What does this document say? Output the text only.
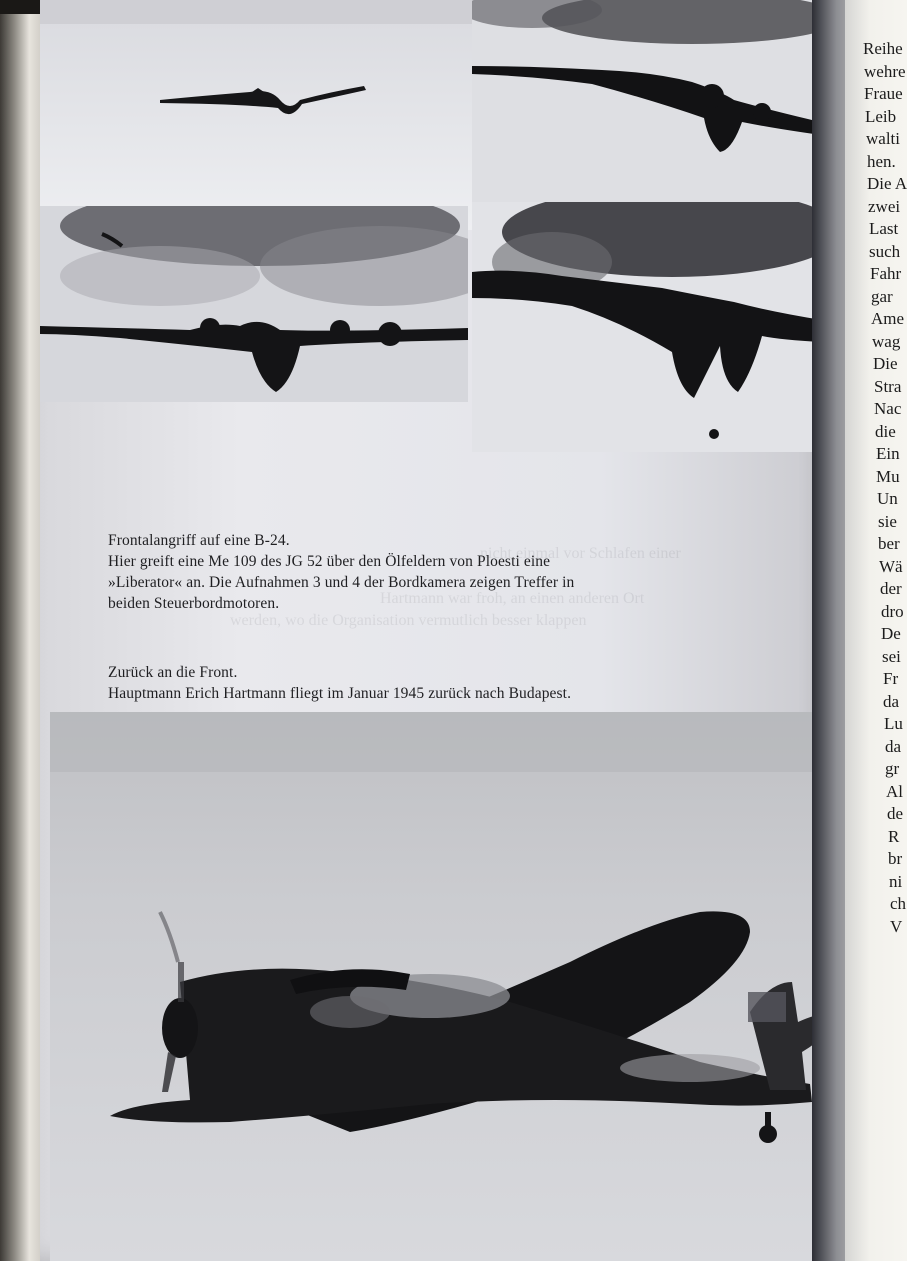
nicht einmal vor Schlafen einer
Hartmann war froh, an einen anderen Ort
werden, wo die Organisation vermutlich besser klappen
Frontalangriff auf eine B-24.
Hier greift eine Me 109 des JG 52 über den Ölfeldern von Ploesti eine
»Liberator« an. Die Aufnahmen 3 und 4 der Bordkamera zeigen Treffer in
beiden Steuerbordmotoren.
Zurück an die Front.
Hauptmann Erich Hartmann fliegt im Januar 1945 zurück nach Budapest.
Reihe
wehre
Fraue
Leib
walti
hen.
Die A
zwei
Last
such
Fahr
gar
Ame
wag
Die
Stra
Nac
die
Ein
Mu
Un
sie
ber
Wä
der
dro
De
sei
Fr
da
Lu
da
gr
Al
de
R
br
ni
ch
V
